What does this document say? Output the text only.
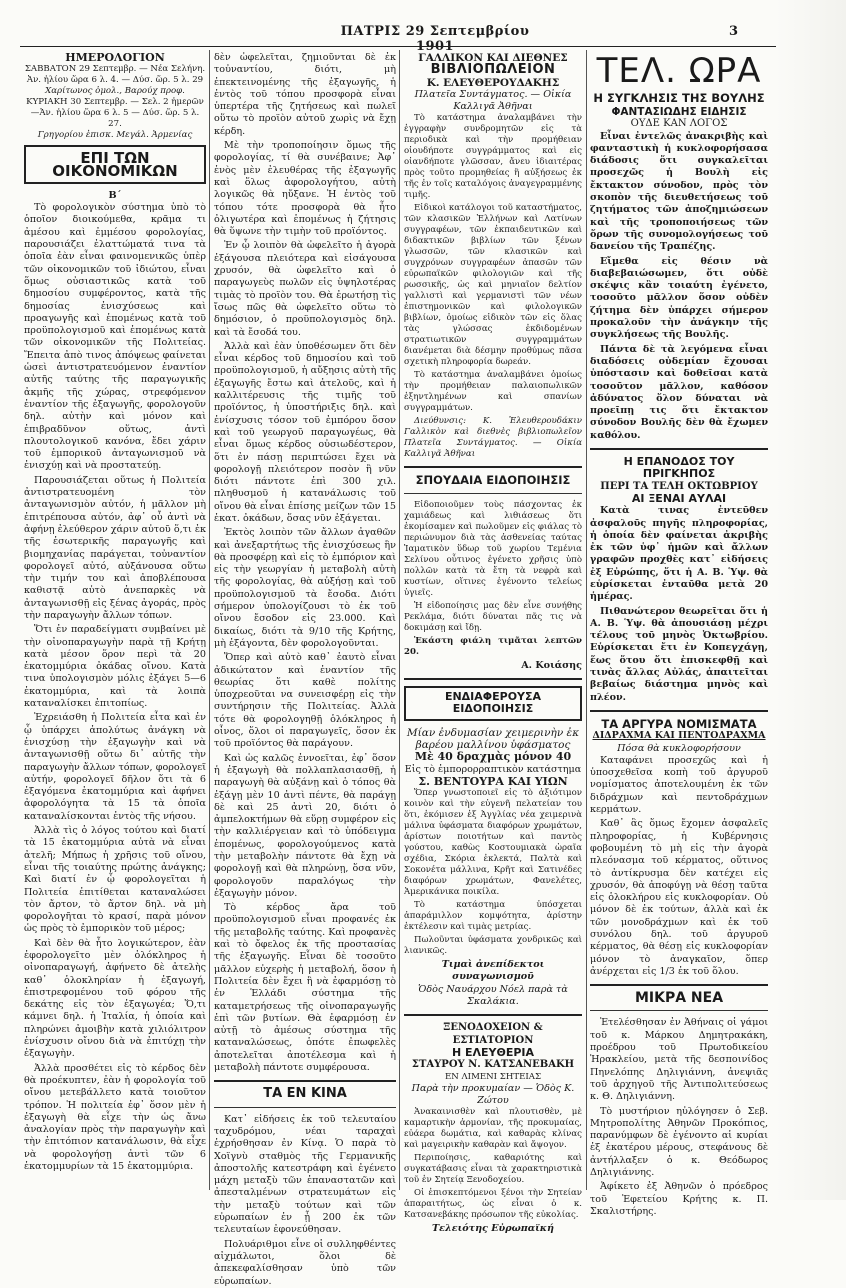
ΠΑΤΡΙΣ 29 Σεπτεμβρίου 1901
3
ΗΜΕΡΟΛΟΓΙΟΝ
ΣΑΒΒΑΤΟΝ 29 Σεπτεμβρ. — Νέα Σελήνη.
Ἀν. ἡλίου ὥρα 6 λ. 4. — Δύσ. ὥρ. 5 λ. 29
Χαρίτωνος ὁμολ., Βαρούχ προφ.
ΚΥΡΙΑΚΗ 30 Σεπτεμβρ. — Σελ. 2 ἡμερῶν
—Ἀν. ἡλίου ὥρα 6 λ. 5 — Δύσ. ὥρ. 5 λ. 27.
Γρηγορίου ἐπισκ. Μεγάλ. Ἀρμενίας
ΕΠΙ ΤΩΝ ΟΙΚΟΝΟΜΙΚΩΝ
Β΄

Τὸ φορολογικὸν σύστημα ὑπὸ τὸ ὁποῖον διοικούμεθα, κρᾶμα τι ἀμέσου καὶ ἐμμέσου φορολογίας, παρουσιάζει ἐλαττώματά τινα τὰ ὁποῖα ἐὰν εἶναι φαινομενικῶς ὑπὲρ τῶν οἰκονομικῶν τοῦ ἰδιώτου, εἶναι ὅμως οὐσιαστικῶς κατὰ τοῦ δημοσίου συμφέροντος, κατὰ τῆς δημοσίας ἐνισχύσεως καὶ προαγωγῆς καὶ ἑπομένως κατὰ τοῦ προϋπολογισμοῦ καὶ ἑπομένως κατὰ τῶν οἰκονομικῶν τῆς Πολιτείας. Ἔπειτα ἀπὸ τινος ἀπόψεως φαίνεται ὡσεὶ ἀντιστρατευόμενον ἐναντίον αὐτῆς ταύτης τῆς παραγωγικῆς ἀκμῆς τῆς χώρας, στρεφόμενον ἐναντίον τῆς ἐξαγωγῆς, φορολογοῦν δηλ. αὐτὴν καὶ μόνον καὶ ἐπιβραδῦνον οὕτως, ἀντὶ πλουτολογικοῦ κανόνα, ἔδει χάριν τοῦ ἐμπορικοῦ ἀνταγωνισμοῦ νὰ ἐνισχύῃ καὶ νὰ προστατεύῃ.

Παρουσιάζεται οὕτως ἡ Πολιτεία ἀντιστρατευομένη τὸν ἀνταγωνισμὸν αὐτόν, ἡ μᾶλλον μὴ ἐπιτρέπουσα αὐτόν, ἀφ᾽ οὗ ἀντὶ νὰ ἀφήνῃ ἐλεύθερον χάριν αὐτοῦ ὅ,τι ἐκ τῆς ἐσωτερικῆς παραγωγῆς καὶ βιομηχανίας παράγεται, τοὐναντίον φορολογεῖ αὐτό, αὐξάνουσα οὕτω τὴν τιμήν του καὶ ἀποβλέπουσα καθιστᾷ αὐτὸ ἀνεπαρκὲς νὰ ἀνταγωνισθῇ εἰς ξένας ἀγοράς, πρὸς τὴν παραγωγὴν ἄλλων τόπων.

Ὅτι ἐν παραδείγματι συμβαίνει μὲ τὴν οἰνοπαραγωγὴν παρὰ τῇ Κρήτῃ κατὰ μέσον ὅρον περὶ τὰ 20 ἑκατομμύρια ὀκάδας οἴνου. Κατὰ τινα ὑπολογισμὸν μόλις ἐξάγει 5—6 ἑκατομμύρια, καὶ τὰ λοιπὰ καταναλίσκει ἐπιτοπίως.

Ἐχρειάσθη ἡ Πολιτεία εἶτα καὶ ἐν ᾧ ὑπάρχει ἀπολύτως ἀνάγκη νὰ ἐνισχύσῃ τὴν ἐξαγωγὴν καὶ νὰ ἀνταγωνισθῇ οὕτω δι᾽ αὐτῆς τὴν παραγωγὴν ἄλλων τόπων, φορολογεῖ αὐτήν, φορολογεῖ δῆλον ὅτι τὰ 6 ἐξαγόμενα ἑκατομμύρια καὶ ἀφήνει ἀφορολόγητα τὰ 15 τὰ ὁποῖα καταναλίσκονται ἐντὸς τῆς νήσου.

Ἀλλὰ τὶς ὁ λόγος τούτου καὶ διατί τὰ 15 ἑκατομμύρια αὐτὰ νὰ εἶναι ἀτελῆ; Μήπως ἡ χρῆσις τοῦ οἴνου, εἶναι τῆς τοιαύτης πρώτης ἀνάγκης; Καὶ διατί ἐν ᾧ φορολογεῖται ἡ Πολιτεία ἐπιτίθεται καταναλώσει τὸν ἄρτον, τὸ ἄρτον δηλ. νὰ μὴ φορολογῆται τὸ κρασί, παρὰ μόνον ὡς πρὸς τὸ ἐμπορικὸν τοῦ μέρος;

Καὶ δὲν θὰ ἦτο λογικώτερον, ἐὰν ἐφορολογεῖτο μὲν ὁλόκληρος ἡ οἰνοπαραγωγή, ἀφήνετο δὲ ἀτελὴς καθ᾽ ὁλοκληρίαν ἡ ἐξαγωγή, ἐπιστρεφομένου τοῦ φόρου τῆς δεκάτης εἰς τὸν ἐξαγωγέα; Ὅ,τι κάμνει δηλ. ἡ Ἰταλία, ἡ ὁποία καὶ πληρώνει ἀμοιβὴν κατὰ χιλιόλιτρον ἐνίσχυσιν οἴνου διὰ νὰ ἐπιτύχῃ τὴν ἐξαγωγὴν.

Ἀλλὰ προσθέτει εἰς τὸ κέρδος δὲν θὰ προέκυπτεν, ἐὰν ἡ φορολογία τοῦ οἴνου μετεβάλλετο κατὰ τοιοῦτον τρόπον. Ἡ πολιτεία ἐφ᾽ ὅσον μὲν ἡ ἐξαγωγὴ θὰ εἶχε τὴν ὡς ἄνω ἀναλογίαν πρὸς τὴν παραγωγὴν καὶ τὴν ἐπιτόπιον κατανάλωσιν, θὰ εἶχε νὰ φορολογήσῃ ἀντὶ τῶν 6 ἑκατομμυρίων τὰ 15 ἑκατομμύρια.

δὲν ὠφελεῖται, ζημιοῦνται δὲ ἐκ τοὐναντίου, διότι, μὴ ἐπεκτεινομένης τῆς ἐξαγωγῆς, ἡ ἐντὸς τοῦ τόπου προσφορὰ εἶναι ὑπερτέρα τῆς ζητήσεως καὶ πωλεῖ οὕτω τὸ προϊὸν αὐτοῦ χωρὶς νὰ ἔχῃ κέρδη.

Μὲ τὴν τροποποίησιν ὅμως τῆς φορολογίας, τί θὰ συνέβαινε; Ἀφ᾽ ἑνὸς μὲν ἐλευθέρας τῆς ἐξαγωγῆς καὶ ὅλως ἀφορολογήτου, αὐτὴ λογικῶς θὰ ηὔξανε. Ἡ ἐντὸς τοῦ τόπου τότε προσφορὰ θὰ ἦτο ὀλιγωτέρα καὶ ἑπομένως ἡ ζήτησις θὰ ὕψωνε τὴν τιμὴν τοῦ προϊόντος.

Ἐν ᾧ λοιπὸν θὰ ὠφελεῖτο ἡ ἀγορὰ ἐξάγουσα πλειότερα καὶ εἰσάγουσα χρυσόν, θὰ ὠφελεῖτο καὶ ὁ παραγωγεὺς πωλῶν εἰς ὑψηλοτέρας τιμὰς τὸ προϊὸν του. Θὰ ἐρωτήσῃ τὶς ἴσως πῶς θὰ ὠφελεῖτο οὕτω τὸ δημόσιον, ὁ προϋπολογισμὸς δηλ. καὶ τὰ ἔσοδά του.

Ἀλλὰ καὶ ἐὰν ὑποθέσωμεν ὅτι δὲν εἶναι κέρδος τοῦ δημοσίου καὶ τοῦ προϋπολογισμοῦ, ἡ αὔξησις αὐτὴ τῆς ἐξαγωγῆς ἔστω καὶ ἀτελοῦς, καὶ ἡ καλλιτέρευσις τῆς τιμῆς τοῦ προϊόντος, ἡ ὑποστήριξις δηλ. καὶ ἐνίσχυσις τόσον τοῦ ἐμπόρου ὅσον καὶ τοῦ γεωργοῦ παραγωγέως, θὰ εἶναι ὅμως κέρδος οὐσιωδέστερον, ὅτι ἐν πάσῃ περιπτώσει ἔχει νὰ φορολογῇ πλειότερον ποσὸν ἢ νῦν διότι πάντοτε ἐπὶ 300 χιλ. πληθυσμοῦ ἡ κατανάλωσις τοῦ οἴνου θὰ εἶναι ἐπίσης μείζων τῶν 15 ἑκατ. ὀκάδων, ὅσας νῦν ἐξάγεται.

Ἐκτὸς λοιπὸν τῶν ἄλλων ἀγαθῶν καὶ ἀνεξαρτήτως τῆς ἐνισχύσεως ἣν θὰ προσφέρῃ καὶ εἰς τὸ ἐμπόριον καὶ εἰς τὴν γεωργίαν ἡ μεταβολὴ αὐτὴ τῆς φορολογίας, θὰ αὐξήσῃ καὶ τοῦ προϋπολογισμοῦ τὰ ἔσοδα. Διότι σήμερον ὑπολογίζουσι τὸ ἐκ τοῦ οἴνου ἔσοδον εἰς 23.000. Καὶ δικαίως, διότι τὰ 9/10 τῆς Κρήτης, μὴ ἐξάγοντα, δὲν φορολογοῦνται.

Ὅπερ καὶ αὐτὸ καθ᾽ ἑαυτὸ εἶναι ἀδικώτατον καὶ ἐναντίον τῆς θεωρίας ὅτι καθὲ πολίτης ὑποχρεοῦται να συνεισφέρῃ εἰς τὴν συντήρησιν τῆς Πολιτείας. Ἀλλὰ τότε θὰ φορολογηθῇ ὁλόκληρος ἡ οἶνος, ὅλοι οἱ παραγωγεῖς, ὅσον ἐκ τοῦ προϊόντος θὰ παράγουν.

Καὶ ὡς καλῶς ἐννοεῖται, ἐφ᾽ ὅσον ἡ ἐξαγωγὴ θὰ πολλαπλασιασθῇ, ἡ παραγωγὴ θὰ αὐξάνῃ καὶ ὁ τόπος θὰ ἐξάγῃ μὲν 10 ἀντὶ πέντε, θὰ παράγῃ δὲ καὶ 25 ἀντὶ 20, διότι ὁ ἀμπελοκτήμων θὰ εὕρῃ συμφέρον εἰς τὴν καλλιέργειαν καὶ τὸ ὑπόδειγμα ἑπομένως, φορολογούμενος κατὰ τὴν μεταβολὴν πάντοτε θὰ ἔχῃ νὰ φορολογῇ καὶ θὰ πληρώνῃ, ὅσα νῦν, φορολογοῦν παραλόγως τὴν ἐξαγωγὴν μόνον.

Τὸ κέρδος ἄρα τοῦ προϋπολογισμοῦ εἶναι προφανές ἐκ τῆς μεταβολῆς ταύτης. Καὶ προφανὲς καὶ τὸ ὄφελος ἐκ τῆς προστασίας τῆς ἐξαγωγῆς. Εἶναι δὲ τοσοῦτο μᾶλλον εὐχερὴς ἡ μεταβολή, ὅσον ἡ Πολιτεία δὲν ἔχει ἢ νὰ ἐφαρμόσῃ τὸ ἐν Ἑλλάδι σύστημα τῆς καταμετρήσεως τῆς οἰνοπαραγωγῆς ἐπὶ τῶν βυτίων. Θὰ ἐφαρμόσῃ ἐν αὐτῇ τὸ ἀμέσως σύστημα τῆς καταναλώσεως, ὁπότε ἐπωφελὲς ἀποτελεῖται ἀποτέλεσμα καὶ ἡ μεταβολὴ πάντοτε συμφέρουσα.

ΤΑ ΕΝ ΚΙΝΑ

Κατ᾽ εἰδήσεις ἐκ τοῦ τελευταίου ταχυδρόμου, νέαι ταραχαὶ ἐχρήσθησαν ἐν Κίνᾳ. Ὁ παρὰ τὸ Χοϊγνὺ σταθμὸς τῆς Γερμανικῆς ἀποστολῆς κατεστράφη καὶ ἐγένετο μάχη μεταξὺ τῶν ἐπαναστατῶν καὶ ἀπεσταλμένων στρατευμάτων εἰς τὴν μεταξὺ τούτων καὶ τῶν εὐρωπαίων ἐν ᾗ 200 ἐκ τῶν τελευταίων ἐφονεύθησαν.

Πολυάριθμοι εἶνε οἱ συλληφθέντες αἰχμάλωτοι, ὅλοι δὲ ἀπεκεφαλίσθησαν ὑπὸ τῶν εὐρωπαίων.

ΓΑΛΛΙΚΟΝ ΚΑΙ ΔΙΕΘΝΕΣ
ΒΙΒΛΙΟΠΩΛΕΙΟΝ
Κ. ΕΛΕΥΘΕΡΟΥΔΑΚΗΣ
Πλατεῖα Συντάγματος. — Οἰκία Καλλιγᾶ Ἀθῆναι

Τὸ κατάστημα ἀναλαμβάνει τὴν ἐγγραφὴν συνδρομητῶν εἰς τὰ περιοδικὰ καὶ τὴν προμήθειαν οἱουδήποτε συγγράμματος καὶ εἰς οἱανδήποτε γλῶσσαν, ἄνευ ἰδιαιτέρας πρὸς τοῦτο προμηθείας ἢ αὐξήσεως ἐκ τῆς ἐν τοῖς καταλόγοις ἀναγεγραμμένης τιμῆς.

Εἰδικοὶ κατάλογοι τοῦ καταστήματος, τῶν κλασικῶν Ἑλλήνων καὶ Λατίνων συγγραφέων, τῶν ἐκπαιδευτικῶν καὶ διδακτικῶν βιβλίων τῶν ξένων γλωσσῶν, τῶν κλασικῶν καὶ συγχρόνων συγγραφέων ἁπασῶν τῶν εὐρωπαϊκῶν φιλολογιῶν καὶ τῆς ρωσσικῆς, ὡς καὶ μηνιαῖον δελτίον γαλλιστὶ καὶ γερμανιστὶ τῶν νέων ἐπιστημονικῶν καὶ φιλολογικῶν βιβλίων, ὁμοίως εἰδικὸν τῶν εἰς ὅλας τὰς γλώσσας ἐκδιδομένων στρατιωτικῶν συγγραμμάτων διανέμεται διὰ δέσμην προθύμως πᾶσα σχετικὴ πληροφορία δωρεάν.

Τὸ κατάστημα ἀναλαμβάνει ὁμοίως τὴν προμήθειαν παλαιοπωλικῶν ἐξηντλημένων καὶ σπανίων συγγραμμάτων.

Διεύθυνσις: Κ. Ἐλευθερουδάκιν Γαλλικὸν καὶ διεθνὲς βιβλιοπωλεῖον Πλατεῖα Συντάγματος. — Οἰκία Καλλιγᾶ Ἀθῆναι

ΣΠΟΥΔΑΙΑ ΕΙΔΟΠΟΙΗΣΙΣ

Εἰδοποιοῦμεν τοὺς πάσχοντας ἐκ χαμιάδεως καὶ λιθιάσεως ὅτι ἐκομίσαμεν καὶ πωλοῦμεν εἰς φιάλας τὸ περιώνυμον διὰ τὰς ἀσθενείας ταύτας Ἰαματικὸν ὕδωρ τοῦ χωρίου Τεμένια Σελίνου οὗτινος ἐγένετο χρῆσις ὑπὸ πολλῶν κατὰ τὰ ἔτη τὰ νεφρὰ καὶ κυστίων, οἵτινες ἐγένοντο τελείως ὑγιεῖς.

Ἡ εἰδοποίησις μας δὲν εἶνε συνήθης Ρεκλάμα, διότι δύναται πᾶς τις νὰ δοκιμάσῃ καὶ ἴδῃ.

Ἑκάστη φιάλη τιμᾶται λεπτῶν 20.

Α. Κοιάσης
ΕΝΔΙΑΦΕΡΟΥΣΑ ΕΙΔΟΠΟΙΗΣΙΣ
Μίαν ἐνδυμασίαν χειμερινὴν ἐκ βαρέου μαλλίνου ὑφάσματος
Μὲ 40 δραχμὰς μόνον 40
Εἰς τὸ ἐμπορορραπτικὸν κατάστημα
Σ. ΒΕΝΤΟΥΡΑ ΚΑΙ ΥΙΩΝ

Ὅπερ γνωστοποιεῖ εἰς τὸ ἀξιότιμον κοινὸν καὶ τὴν εὐγενῆ πελατείαν του ὅτι, ἐκόμισεν ἐξ Ἀγγλίας νέα χειμερινὰ μάλινα ὑφάσματα διαφόρων χρωμάτων, ἀρίστων ποιοτήτων καὶ παντὸς γούστου, καθὼς Κοστουμιακὰ ὡραῖα σχέδια, Σκόρια ἐκλεκτά, Παλτὰ καὶ Σοκονέτα μάλλινα, Κρῆτ καὶ Σατινέδες διαφόρων χρωμάτων, Φανελέτες, Ἀμερικάνικα ποικίλα.

Τὸ κατάστημα ὑπόσχεται ἀπαράμιλλον κομψότητα, ἀρίστην ἐκτέλεσιν καὶ τιμὰς μετρίας.

Πωλοῦνται ὑφάσματα χονδρικῶς καὶ λιανικῶς.

Τιμαὶ ἀνεπίδεκτοι συναγωνισμοῦ
Ὁδὸς Ναυάρχου Νόελ παρὰ τὰ Σκαλάκια.
ΞΕΝΟΔΟΧΕΙΟΝ & ΕΣΤΙΑΤΟΡΙΟΝ
Η ΕΛΕΥΘΕΡΙΑ
ΣΤΑΥΡΟΥ Ν. ΚΑΤΣΑΝΕΒΑΚΗ
ΕΝ ΛΙΜΕΝΙ ΣΗΤΕΙΑΣ
Παρὰ τὴν προκυμαίαν — Ὁδὸς Κ. Ζώτου

Ἀνακαινισθὲν καὶ πλουτισθὲν, μὲ καμαρτικὴν ἀρμονίαν, τῆς προκυμαίας, εὐάερα δωμάτια, καὶ καθαρὰς κλίνας καὶ μαγειρικὴν καθαρὰν καὶ ἄψογον.

Περιποίησις, καθαριότης καὶ συγκατάβασις εἶναι τὰ χαρακτηριστικὰ τοῦ ἐν Σητείᾳ Ξενοδοχείου.

Οἱ ἐπισκεπτόμενοι ξένοι τὴν Σητείαν ἀπαραιτήτως, ὡς εἶναι ὁ κ. Κατσανεβάκης πρόσωπον τῆς εὐκολίας.

Τελειότης Εὐρωπαϊκή
ΤΕΛ. ΩΡΑ
Η ΣΥΓΚΛΗΣΙΣ ΤΗΣ ΒΟΥΛΗΣ
ΦΑΝΤΑΣΙΩΔΗΣ ΕΙΔΗΣΙΣ
ΟΥΔΕ ΚΑΝ ΛΟΓΟΣ

Εἶναι ἐντελῶς ἀνακριβὴς καὶ φανταστικὴ ἡ κυκλοφορήσασα διάδοσις ὅτι συγκαλεῖται προσεχῶς ἡ Βουλὴ εἰς ἔκτακτον σύνοδον, πρὸς τὸν σκοπὸν τῆς διευθετήσεως τοῦ ζητήματος τῶν ἀποζημιώσεων καὶ τῆς τροποποιήσεως τῶν ὅρων τῆς συνομολογήσεως τοῦ δανείου τῆς Τραπέζης.

Εἴμεθα εἰς θέσιν νὰ διαβεβαιώσωμεν, ὅτι οὐδὲ σκέψις κἂν τοιαύτη ἐγένετο, τοσοῦτο μᾶλλον ὅσον οὐδὲν ζήτημα δὲν ὑπάρχει σήμερον προκαλοῦν τὴν ἀνάγκην τῆς συγκλήσεως τῆς Βουλῆς.

Πάντα δὲ τὰ λεγόμενα εἶναι διαδόσεις οὐδεμίαν ἔχουσαι ὑπόστασιν καὶ δοθεῖσαι κατὰ τοσοῦτον μᾶλλον, καθόσον ἀδύνατος ὅλον δύναται νὰ προεῖπῃ τις ὅτι ἔκτακτον σύνοδον Βουλῆς δὲν θὰ ἔχωμεν καθόλου.

Η ΕΠΑΝΟΔΟΣ ΤΟΥ ΠΡΙΓΚΗΠΟΣ
ΠΕΡΙ ΤΑ ΤΕΛΗ ΟΚΤΩΒΡΙΟΥ
ΑΙ ΞΕΝΑΙ ΑΥΛΑΙ

Κατὰ τινας ἐντεῦθεν ἀσφαλοῦς πηγῆς πληροφορίας, ἡ ὁποία δὲν φαίνεται ἀκριβὴς ἐκ τῶν ὑφ᾽ ἡμῶν καὶ ἄλλων γραφῶν προχθὲς κατ᾽ εἰδήσεις ἐξ Εὐρώπης, ὅτι ἡ Α. Β. Ὑψ. θὰ εὑρίσκεται ἐνταῦθα μετὰ 20 ἡμέρας.

Πιθανώτερον θεωρεῖται ὅτι ἡ Α. Β. Ὑψ. θὰ ἀπουσιάσῃ μέχρι τέλους τοῦ μηνὸς Ὀκτωβρίου. Εὑρίσκεται ἔτι ἐν Κοπεγχάγῃ, ἕως ὅτου ὅτι ἐπισκεφθῇ καὶ τινὰς ἄλλας Αὐλάς, ἀπαιτεῖται βεβαίως διάστημα μηνὸς καὶ πλέον.

ΤΑ ΑΡΓΥΡΑ ΝΟΜΙΣΜΑΤΑ
ΔΙΔΡΑΧΜΑ ΚΑΙ ΠΕΝΤΟΔΡΑΧΜΑ
Πόσα θὰ κυκλοφορήσουν

Καταφάνει προσεχῶς καὶ ἡ ὑποσχεθεῖσα κοπὴ τοῦ ἀργυροῦ νομίσματος ἀποτελουμένη ἐκ τῶν διδράχμων καὶ πεντοδράχμων κερμάτων.

Καθ᾽ ἃς ὅμως ἔχομεν ἀσφαλεῖς πληροφορίας, ἡ Κυβέρνησις φοβουμένη τὸ μὴ εἰς τὴν ἀγορὰ πλεόνασμα τοῦ κέρματος, οὕτινος τὸ ἀντίκρυσμα δὲν κατέχει εἰς χρυσόν, θὰ ἀποφύγῃ νὰ θέσῃ ταῦτα εἰς ὁλοκλήρου εἰς κυκλοφορίαν. Οὐ μόνον δὲ ἐκ τούτων, ἀλλὰ καὶ ἐκ τῶν μονοδράχμων καὶ ἐκ τοῦ συνόλου δηλ. τοῦ ἀργυροῦ κέρματος, θὰ θέσῃ εἰς κυκλοφορίαν μόνον τὸ ἀναγκαῖον, ὅπερ ἀνέρχεται εἰς 1/3 ἐκ τοῦ ὅλου.

ΜΙΚΡΑ ΝΕΑ

Ἐτελέσθησαν ἐν Ἀθήναις οἱ γάμοι τοῦ κ. Μάρκου Δημητρακάκη, προέδρου τοῦ Πρωτοδικείου Ἡρακλείου, μετὰ τῆς δεσποινίδος Πηνελόπης Δηλιγιάννη, ἀνεψιᾶς τοῦ ἀρχηγοῦ τῆς Ἀντιπολιτεύσεως κ. Θ. Δηλιγιάννη.

Τὸ μυστήριον ηὐλόγησεν ὁ Σεβ. Μητροπολίτης Ἀθηνῶν Προκόπιος, παρανύμφων δὲ ἐγένοντο αἱ κυρίαι ἐξ ἑκατέρου μέρους, στεφάνους δὲ ἀντήλλαξεν ὁ κ. Θεόδωρος Δηλιγιάννης.

Ἀφίκετο ἐξ Ἀθηνῶν ὁ πρόεδρος τοῦ Ἐφετείου Κρήτης κ. Π. Σκαλιστήρης.
